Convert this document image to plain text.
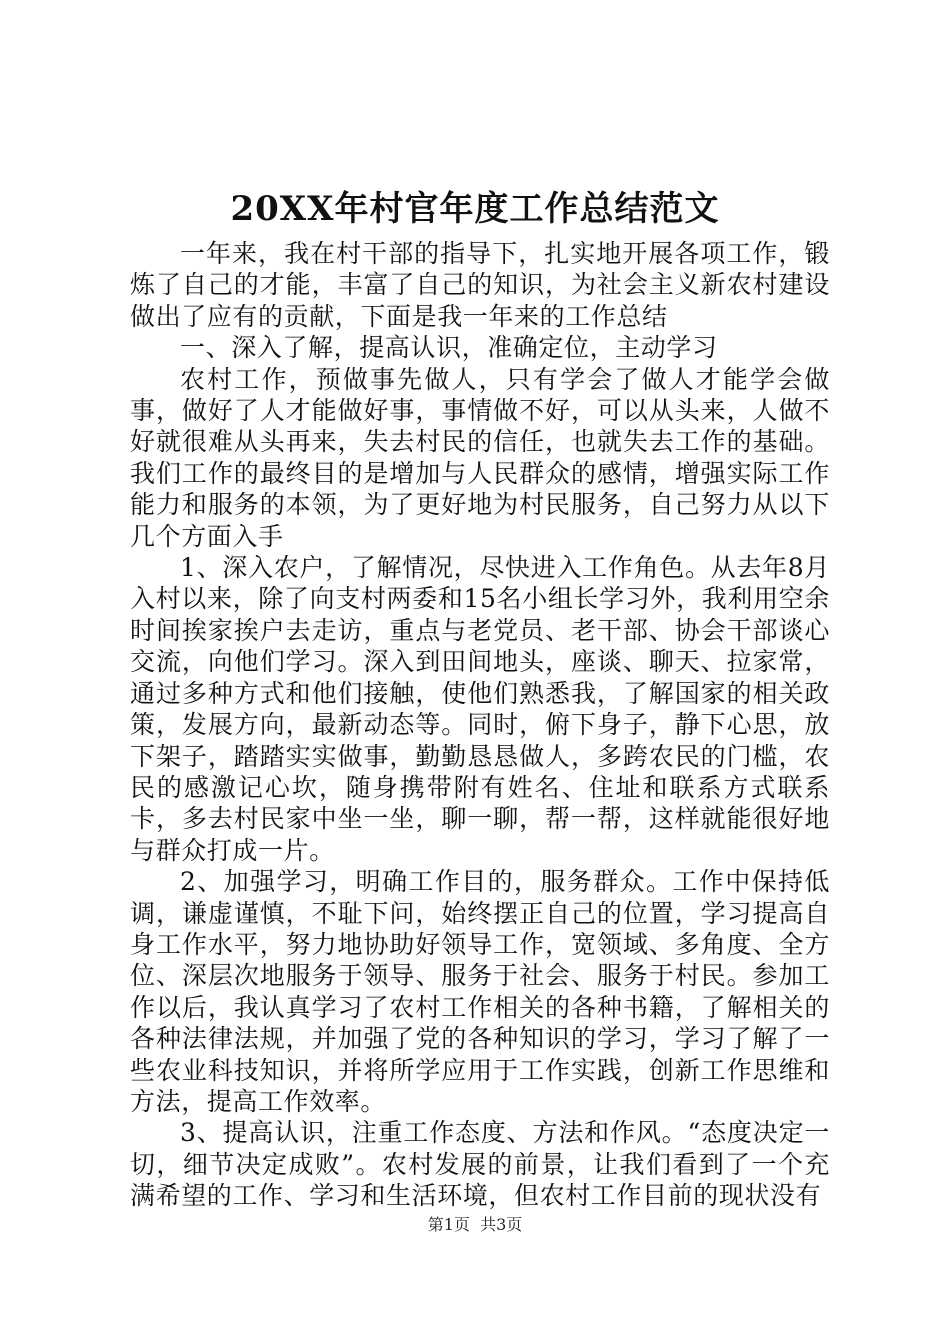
20XX年村官年度工作总结范文

一年来，我在村干部的指导下，扎实地开展各项工作，锻炼了自己的才能，丰富了自己的知识，为社会主义新农村建设做出了应有的贡献，下面是我一年来的工作总结

一、深入了解，提高认识，准确定位，主动学习

农村工作，预做事先做人，只有学会了做人才能学会做事，做好了人才能做好事，事情做不好，可以从头来，人做不好就很难从头再来，失去村民的信任，也就失去工作的基础。我们工作的最终目的是增加与人民群众的感情，增强实际工作能力和服务的本领，为了更好地为村民服务，自己努力从以下几个方面入手

1、深入农户，了解情况，尽快进入工作角色。从去年8月入村以来，除了向支村两委和15名小组长学习外，我利用空余时间挨家挨户去走访，重点与老党员、老干部、协会干部谈心交流，向他们学习。深入到田间地头，座谈、聊天、拉家常，通过多种方式和他们接触，使他们熟悉我，了解国家的相关政策，发展方向，最新动态等。同时，俯下身子，静下心思，放下架子，踏踏实实做事，勤勤恳恳做人，多跨农民的门槛，农民的感激记心坎，随身携带附有姓名、住址和联系方式联系卡，多去村民家中坐一坐，聊一聊，帮一帮，这样就能很好地与群众打成一片。

2、加强学习，明确工作目的，服务群众。工作中保持低调，谦虚谨慎，不耻下问，始终摆正自己的位置，学习提高自身工作水平，努力地协助好领导工作，宽领域、多角度、全方位、深层次地服务于领导、服务于社会、服务于村民。参加工作以后，我认真学习了农村工作相关的各种书籍，了解相关的各种法律法规，并加强了党的各种知识的学习，学习了解了一些农业科技知识，并将所学应用于工作实践，创新工作思维和方法，提高工作效率。

3、提高认识，注重工作态度、方法和作风。“态度决定一切，细节决定成败”。农村发展的前景，让我们看到了一个充满希望的工作、学习和生活环境，但农村工作目前的现状没有

第1页  共3页
